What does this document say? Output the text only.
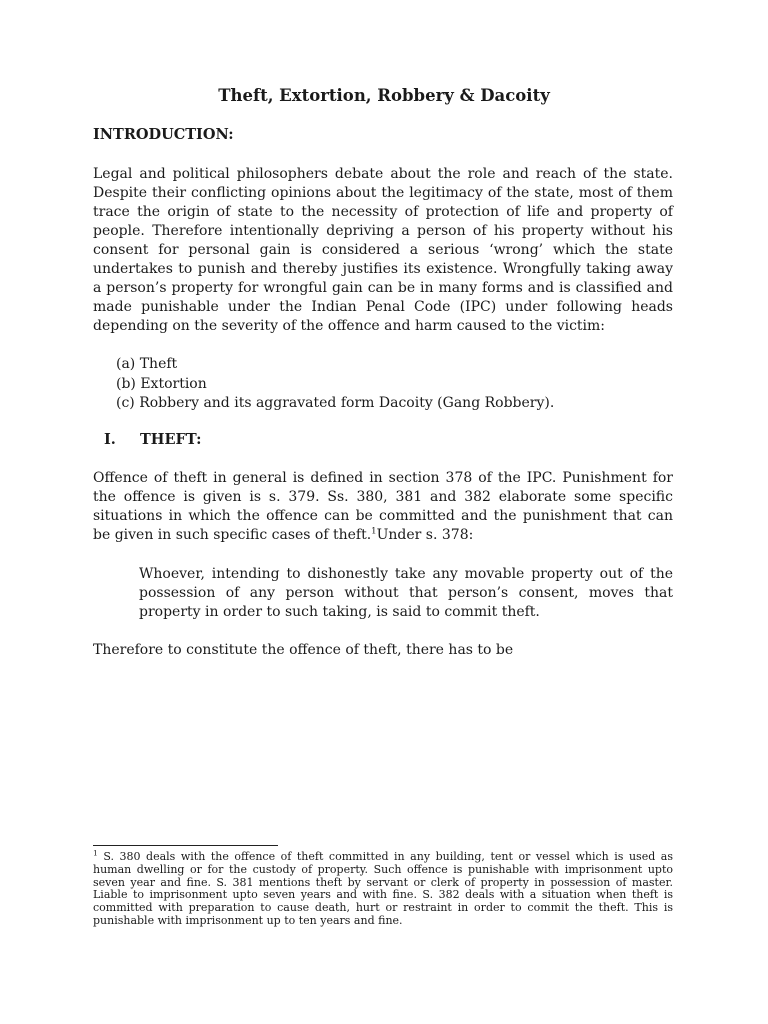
Theft, Extortion, Robbery & Dacoity
INTRODUCTION:

Legal and political philosophers debate about the role and reach of the state. Despite their conflicting opinions about the legitimacy of the state, most of them trace the origin of state to the necessity of protection of life and property of people. Therefore intentionally depriving a person of his property without his consent for personal gain is considered a serious ‘wrong’ which the state undertakes to punish and thereby justifies its existence. Wrongfully taking away a person’s property for wrongful gain can be in many forms and is classified and made punishable under the Indian Penal Code (IPC) under following heads depending on the severity of the offence and harm caused to the victim:

(a) Theft
(b) Extortion
(c) Robbery and its aggravated form Dacoity (Gang Robbery).
I. THEFT:

Offence of theft in general is defined in section 378 of the IPC. Punishment for the offence is given is s. 379. Ss. 380, 381 and 382 elaborate some specific situations in which the offence can be committed and the punishment that can be given in such specific cases of theft.$^1$Under s. 378:

Whoever, intending to dishonestly take any movable property out of the possession of any person without that person’s consent, moves that property in order to such taking, is said to commit theft.

Therefore to constitute the offence of theft, there has to be

$^1$ S. 380 deals with the offence of theft committed in any building, tent or vessel which is used as human dwelling or for the custody of property. Such offence is punishable with imprisonment upto seven year and fine. S. 381 mentions theft by servant or clerk of property in possession of master. Liable to imprisonment upto seven years and with fine. S. 382 deals with a situation when theft is committed with preparation to cause death, hurt or restraint in order to commit the theft. This is punishable with imprisonment up to ten years and fine.
